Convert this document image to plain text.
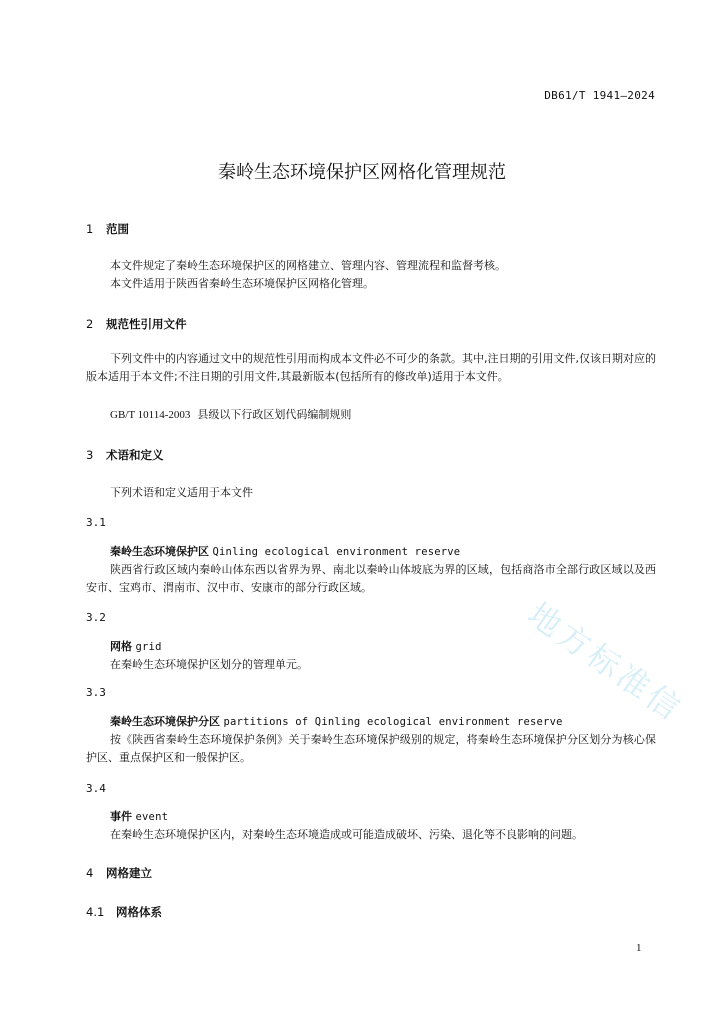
DB61/T 1941—2024
秦岭生态环境保护区网格化管理规范
1 范围
本文件规定了秦岭生态环境保护区的网格建立、管理内容、管理流程和监督考核。
本文件适用于陕西省秦岭生态环境保护区网格化管理。
2 规范性引用文件
下列文件中的内容通过文中的规范性引用而构成本文件必不可少的条款。其中,注日期的引用文件,仅该日期对应的版本适用于本文件;不注日期的引用文件,其最新版本(包括所有的修改单)适用于本文件。
GB/T 10114-2003 县级以下行政区划代码编制规则
3 术语和定义
下列术语和定义适用于本文件
3.1
秦岭生态环境保护区 Qinling ecological environment reserve
陕西省行政区域内秦岭山体东西以省界为界、南北以秦岭山体坡底为界的区域，包括商洛市全部行政区域以及西安市、宝鸡市、渭南市、汉中市、安康市的部分行政区域。
3.2
网格 grid
在秦岭生态环境保护区划分的管理单元。
3.3
秦岭生态环境保护分区 partitions of Qinling ecological environment reserve
按《陕西省秦岭生态环境保护条例》关于秦岭生态环境保护级别的规定，将秦岭生态环境保护分区划分为核心保护区、重点保护区和一般保护区。
3.4
事件 event
在秦岭生态环境保护区内，对秦岭生态环境造成或可能造成破坏、污染、退化等不良影响的问题。
4 网格建立
4.1 网格体系
地方标准信
1
